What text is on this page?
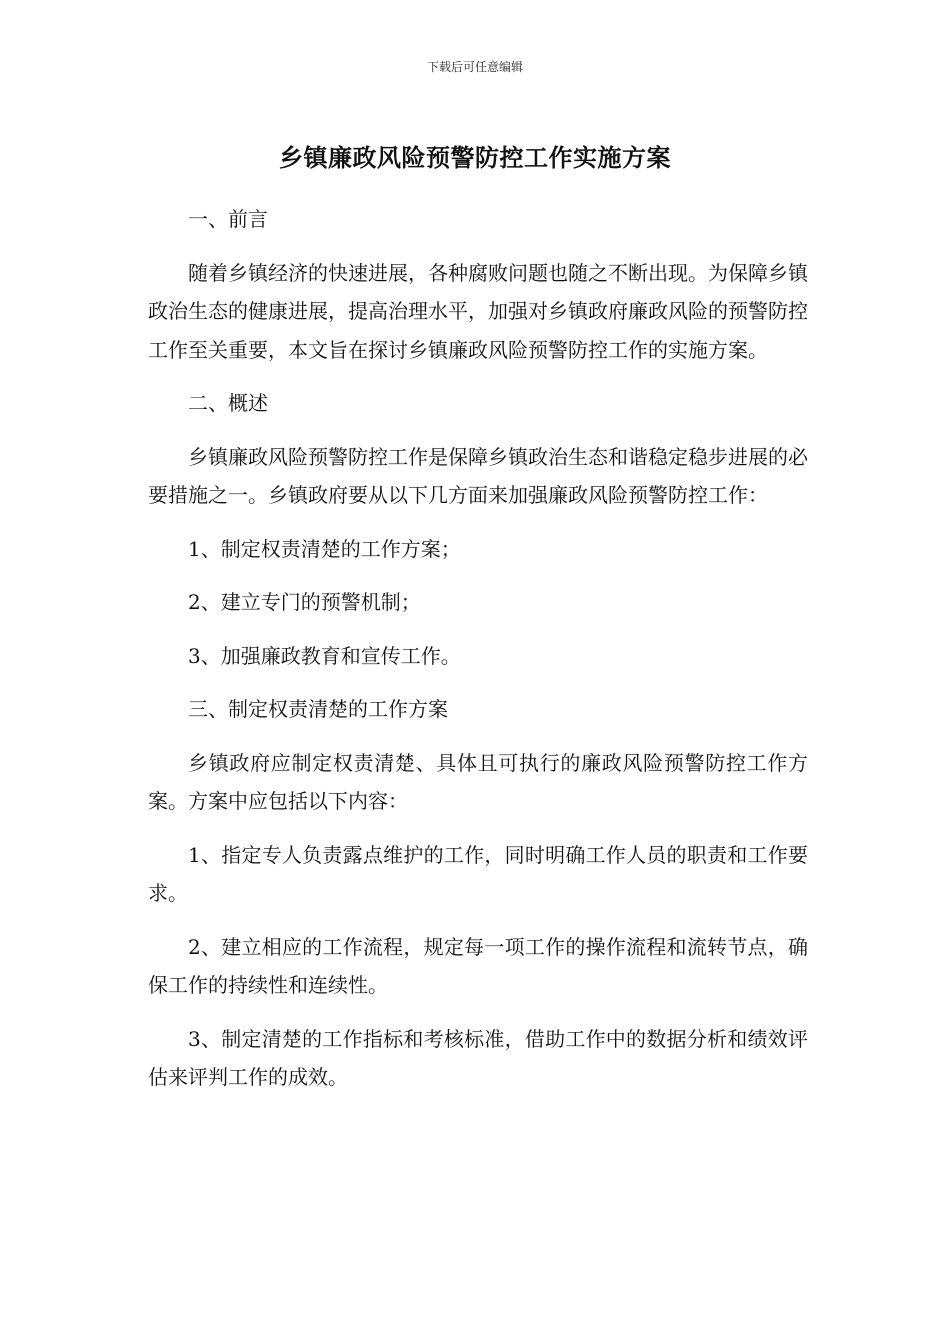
下载后可任意编辑
乡镇廉政风险预警防控工作实施方案

一、前言

随着乡镇经济的快速进展，各种腐败问题也随之不断出现。为保障乡镇政治生态的健康进展，提高治理水平，加强对乡镇政府廉政风险的预警防控工作至关重要，本文旨在探讨乡镇廉政风险预警防控工作的实施方案。

二、概述

乡镇廉政风险预警防控工作是保障乡镇政治生态和谐稳定稳步进展的必要措施之一。乡镇政府要从以下几方面来加强廉政风险预警防控工作：

1、制定权责清楚的工作方案；

2、建立专门的预警机制；

3、加强廉政教育和宣传工作。

三、制定权责清楚的工作方案

乡镇政府应制定权责清楚、具体且可执行的廉政风险预警防控工作方案。方案中应包括以下内容：

1、指定专人负责露点维护的工作，同时明确工作人员的职责和工作要求。

2、建立相应的工作流程，规定每一项工作的操作流程和流转节点，确保工作的持续性和连续性。

3、制定清楚的工作指标和考核标准，借助工作中的数据分析和绩效评估来评判工作的成效。
